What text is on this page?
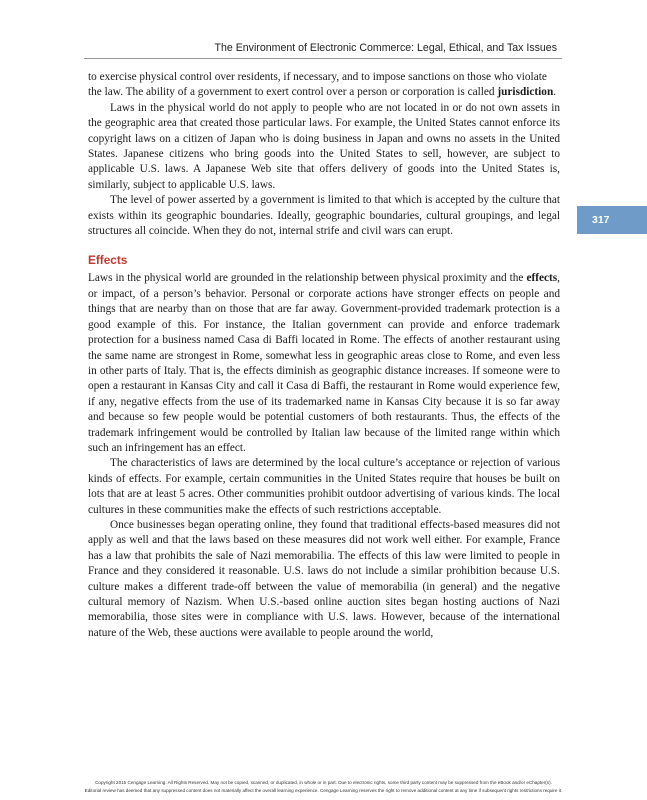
The Environment of Electronic Commerce: Legal, Ethical, and Tax Issues
317

to exercise physical control over residents, if necessary, and to impose sanctions on those who violate the law. The ability of a government to exert control over a person or corporation is called jurisdiction.

Laws in the physical world do not apply to people who are not located in or do not own assets in the geographic area that created those particular laws. For example, the United States cannot enforce its copyright laws on a citizen of Japan who is doing business in Japan and owns no assets in the United States. Japanese citizens who bring goods into the United States to sell, however, are subject to applicable U.S. laws. A Japanese Web site that offers delivery of goods into the United States is, similarly, subject to applicable U.S. laws.

The level of power asserted by a government is limited to that which is accepted by the culture that exists within its geographic boundaries. Ideally, geographic boundaries, cultural groupings, and legal structures all coincide. When they do not, internal strife and civil wars can erupt.

Effects

Laws in the physical world are grounded in the relationship between physical proximity and the effects, or impact, of a person’s behavior. Personal or corporate actions have stronger effects on people and things that are nearby than on those that are far away. Government-provided trademark protection is a good example of this. For instance, the Italian government can provide and enforce trademark protection for a business named Casa di Baffi located in Rome. The effects of another restaurant using the same name are strongest in Rome, somewhat less in geographic areas close to Rome, and even less in other parts of Italy. That is, the effects diminish as geographic distance increases. If someone were to open a restaurant in Kansas City and call it Casa di Baffi, the restaurant in Rome would experience few, if any, negative effects from the use of its trademarked name in Kansas City because it is so far away and because so few people would be potential customers of both restaurants. Thus, the effects of the trademark infringement would be controlled by Italian law because of the limited range within which such an infringement has an effect.

The characteristics of laws are determined by the local culture’s acceptance or rejection of various kinds of effects. For example, certain communities in the United States require that houses be built on lots that are at least 5 acres. Other communities prohibit outdoor advertising of various kinds. The local cultures in these communities make the effects of such restrictions acceptable.

Once businesses began operating online, they found that traditional effects-based measures did not apply as well and that the laws based on these measures did not work well either. For example, France has a law that prohibits the sale of Nazi memorabilia. The effects of this law were limited to people in France and they considered it reasonable. U.S. laws do not include a similar prohibition because U.S. culture makes a different trade-off between the value of memorabilia (in general) and the negative cultural memory of Nazism. When U.S.-based online auction sites began hosting auctions of Nazi memorabilia, those sites were in compliance with U.S. laws. However, because of the international nature of the Web, these auctions were available to people around the world,

Copyright 2015 Cengage Learning. All Rights Reserved. May not be copied, scanned, or duplicated, in whole or in part. Due to electronic rights, some third party content may be suppressed from the eBook and/or eChapter(s).
Editorial review has deemed that any suppressed content does not materially affect the overall learning experience. Cengage Learning reserves the right to remove additional content at any time if subsequent rights restrictions require it.
